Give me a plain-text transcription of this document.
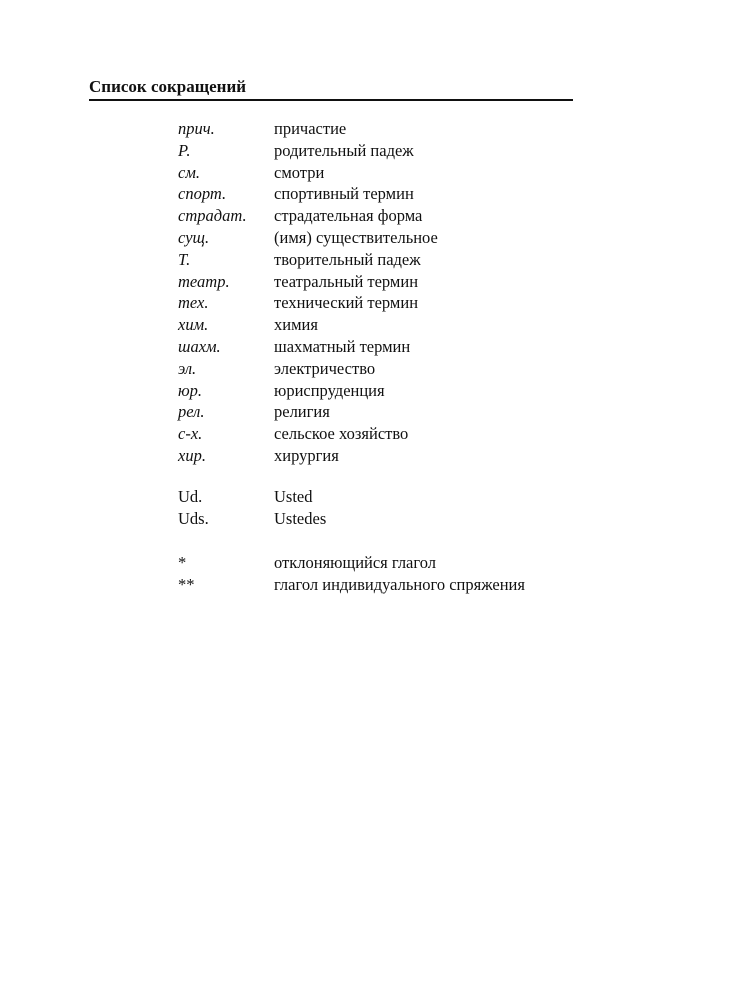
Список сокращений
прич.	причастие
Р.	родительный падеж
см.	смотри
спорт.	спортивный термин
страдат.	страдательная форма
сущ.	(имя) существительное
Т.	творительный падеж
театр.	театральный термин
тех.	технический термин
хим.	химия
шахм.	шахматный термин
эл.	электричество
юр.	юриспруденция
рел.	религия
с-х.	сельское хозяйство
хир.	хирургия
Ud.	Usted
Uds.	Ustedes
*	отклоняющийся глагол
**	глагол индивидуального спряжения
